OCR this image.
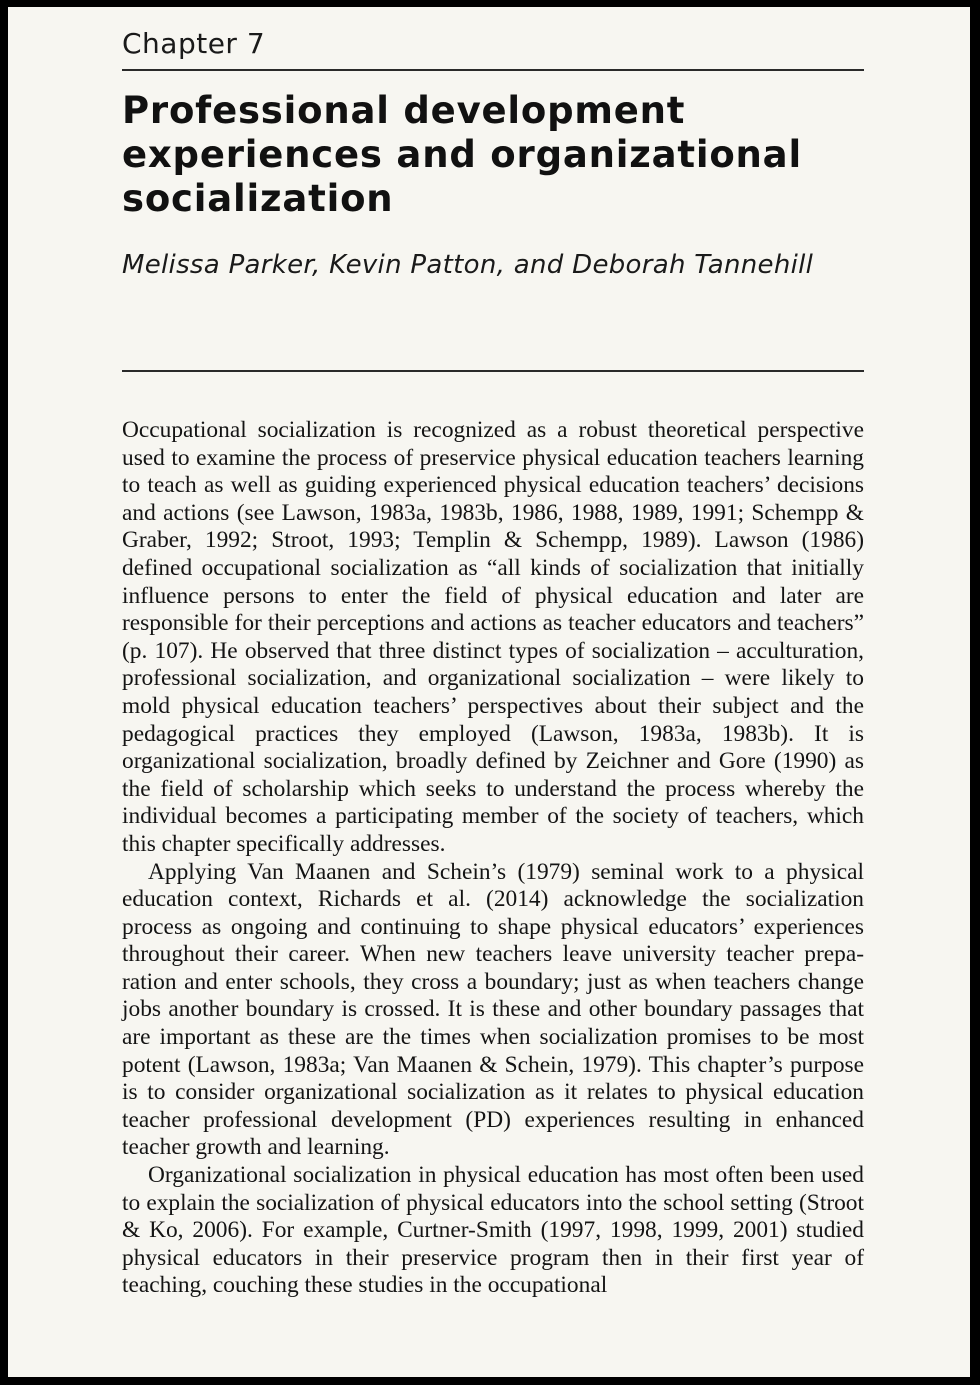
Chapter 7
Professional development experiences and organizational socialization
Melissa Parker, Kevin Patton, and Deborah Tannehill

Occupational socialization is recognized as a robust theoretical perspective used to examine the process of preservice physical education teachers learning to teach as well as guiding experienced physical education teachers’ decisions and actions (see Lawson, 1983a, 1983b, 1986, 1988, 1989, 1991; Schempp & Graber, 1992; Stroot, 1993; Templin & Schempp, 1989). Lawson (1986) defined occupational socialization as “all kinds of socialization that initially influence persons to enter the field of physical education and later are responsible for their perceptions and actions as teacher educators and teachers” (p. 107). He observed that three distinct types of socialization – acculturation, professional socialization, and organizational socialization – were likely to mold physical education teachers’ perspectives about their subject and the pedagogical practices they employed (Lawson, 1983a, 1983b). It is organizational socialization, broadly defined by Zeichner and Gore (1990) as the field of scholarship which seeks to understand the process whereby the individual becomes a participating member of the society of teachers, which this chapter specifically addresses.

Applying Van Maanen and Schein’s (1979) seminal work to a physical education context, Richards et al. (2014) acknowledge the socialization process as ongoing and continuing to shape physical educators’ experiences throughout their career. When new teachers leave university teacher preparation and enter schools, they cross a boundary; just as when teachers change jobs another boundary is crossed. It is these and other boundary passages that are important as these are the times when socialization promises to be most potent (Lawson, 1983a; Van Maanen & Schein, 1979). This chapter’s purpose is to consider organizational socialization as it relates to physical education teacher professional development (PD) experiences resulting in enhanced teacher growth and learning.

Organizational socialization in physical education has most often been used to explain the socialization of physical educators into the school setting (Stroot & Ko, 2006). For example, Curtner-Smith (1997, 1998, 1999, 2001) studied physical educators in their preservice program then in their first year of teaching, couching these studies in the occupational
